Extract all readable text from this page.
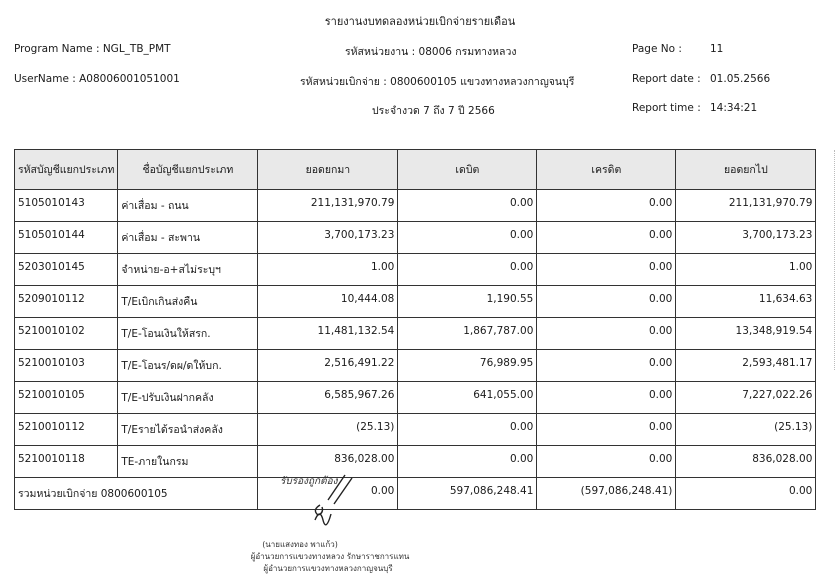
รายงานงบทดลองหน่วยเบิกจ่ายรายเดือน
Program Name : NGL_TB_PMT
UserName : A08006001051001
รหัสหน่วยงาน : 08006 กรมทางหลวง
รหัสหน่วยเบิกจ่าย : 0800600105 แขวงทางหลวงกาญจนบุรี
ประจำงวด 7 ถึง 7 ปี 2566
Page No :	11
Report date : 01.05.2566
Report time : 14:34:21
รหัสบัญชีแยกประเภท	ชื่อบัญชีแยกประเภท	ยอดยกมา	เดบิต	เครดิต	ยอดยกไป
5105010143	ค่าเสื่อม - ถนน	211,131,970.79	0.00	0.00	211,131,970.79
5105010144	ค่าเสื่อม - สะพาน	3,700,173.23	0.00	0.00	3,700,173.23
5203010145	จำหน่าย-อ+สไม่ระบุฯ	1.00	0.00	0.00	1.00
5209010112	T/Eเบิกเกินส่งคืน	10,444.08	1,190.55	0.00	11,634.63
5210010102	T/E-โอนเงินให้สรก.	11,481,132.54	1,867,787.00	0.00	13,348,919.54
5210010103	T/E-โอนร/ดผ/ดให้บก.	2,516,491.22	76,989.95	0.00	2,593,481.17
5210010105	T/E-ปรับเงินฝากคลัง	6,585,967.26	641,055.00	0.00	7,227,022.26
5210010112	T/Eรายได้รอนำส่งคลัง	(25.13)	0.00	0.00	(25.13)
5210010118	TE-ภายในกรม	836,028.00	0.00	0.00	836,028.00
รวมหน่วยเบิกจ่าย 0800600105		0.00	597,086,248.41	(597,086,248.41)	0.00
รับรองถูกต้อง
(นายแสงทอง พาแก้ว)
ผู้อำนวยการแขวงทางหลวง รักษาราชการแทน
ผู้อำนวยการแขวงทางหลวงกาญจนบุรี
